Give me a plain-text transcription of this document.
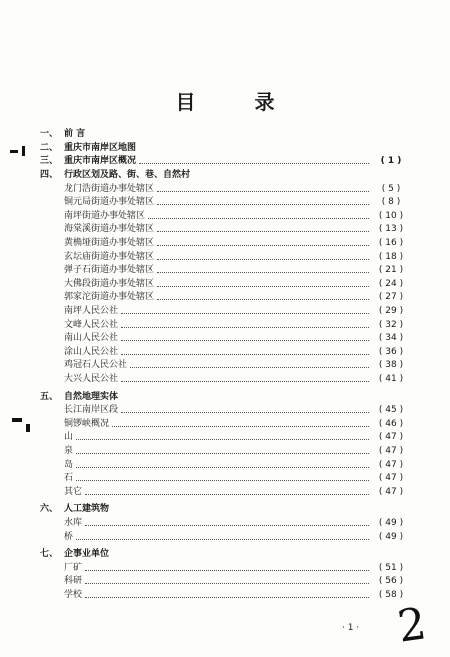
目 录
一、 前 言
二、 重庆市南岸区地图
三、 重庆市南岸区概况	( 1 )
四、 行政区划及路、街、巷、自然村
龙门浩街道办事处辖区	( 5 )
铜元局街道办事处辖区	( 8 )
南坪街道办事处辖区	( 10 )
海棠溪街道办事处辖区	( 13 )
黄桷垭街道办事处辖区	( 16 )
玄坛庙街道办事处辖区	( 18 )
弹子石街道办事处辖区	( 21 )
大佛段街道办事处辖区	( 24 )
郭家沱街道办事处辖区	( 27 )
南坪人民公社	( 29 )
文峰人民公社	( 32 )
南山人民公社	( 34 )
涂山人民公社	( 36 )
鸡冠石人民公社	( 38 )
大兴人民公社	( 41 )
五、 自然地理实体
长江南岸区段	( 45 )
铜锣峡概况	( 46 )
山	( 47 )
泉	( 47 )
岛	( 47 )
石	( 47 )
其它	( 47 )
六、 人工建筑物
水库	( 49 )
桥	( 49 )
七、 企事业单位
厂矿	( 51 )
科研	( 56 )
学校	( 58 )
· 1 · 2
